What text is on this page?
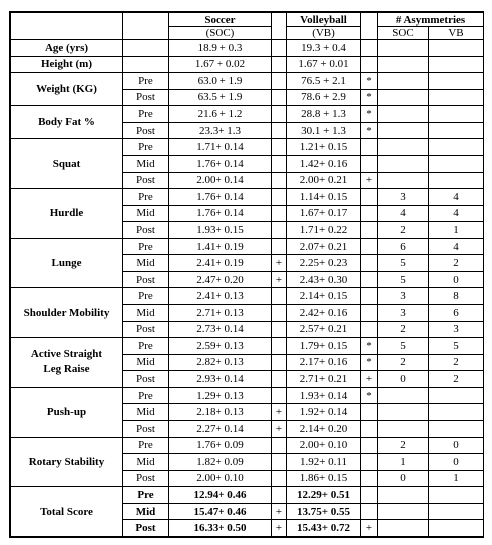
		Soccer		Volleyball		# Asymmetries	
		(SOC)		(VB)		SOC	VB
Age (yrs)		18.9 + 0.3		19.3 + 0.4			
Height (m)		1.67 + 0.02		1.67 + 0.01			
Weight (KG)	Pre	63.0 + 1.9		76.5 + 2.1	*		
	Post	63.5 + 1.9		78.6 + 2.9	*		
Body Fat %	Pre	21.6 + 1.2		28.8 + 1.3	*		
	Post	23.3+ 1.3		30.1 + 1.3	*		
Squat	Pre	1.71+ 0.14		1.21+ 0.15			
	Mid	1.76+ 0.14		1.42+ 0.16			
	Post	2.00+ 0.14		2.00+ 0.21	+		
Hurdle	Pre	1.76+ 0.14		1.14+ 0.15		3	4
	Mid	1.76+ 0.14		1.67+ 0.17		4	4
	Post	1.93+ 0.15		1.71+ 0.22		2	1
Lunge	Pre	1.41+ 0.19		2.07+ 0.21		6	4
	Mid	2.41+ 0.19	+	2.25+ 0.23		5	2
	Post	2.47+ 0.20	+	2.43+ 0.30		5	0
Shoulder Mobility	Pre	2.41+ 0.13		2.14+ 0.15		3	8
	Mid	2.71+ 0.13		2.42+ 0.16		3	6
	Post	2.73+ 0.14		2.57+ 0.21		2	3

Active Straight
Leg Raise	Pre	2.59+ 0.13		1.79+ 0.15	*	5	5
	Mid	2.82+ 0.13		2.17+ 0.16	*	2	2
	Post	2.93+ 0.14		2.71+ 0.21	+	0	2
Push-up	Pre	1.29+ 0.13		1.93+ 0.14	*		
	Mid	2.18+ 0.13	+	1.92+ 0.14			
	Post	2.27+ 0.14	+	2.14+ 0.20			
Rotary Stability	Pre	1.76+ 0.09		2.00+ 0.10		2	0
	Mid	1.82+ 0.09		1.92+ 0.11		1	0
	Post	2.00+ 0.10		1.86+ 0.15		0	1
Total Score	Pre	12.94+ 0.46		12.29+ 0.51			
	Mid	15.47+ 0.46	+	13.75+ 0.55			
	Post	16.33+ 0.50	+	15.43+ 0.72	+		
